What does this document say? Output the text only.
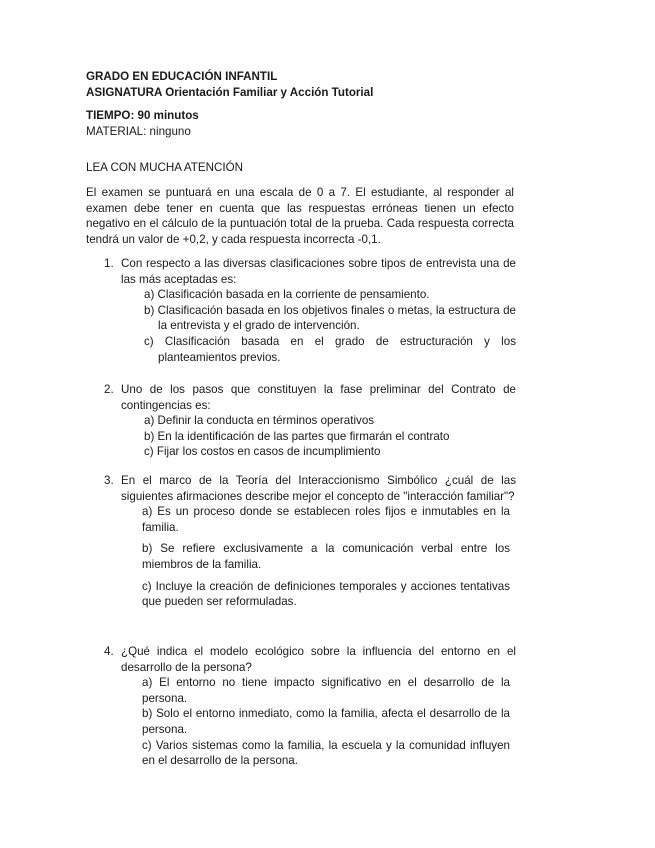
GRADO EN EDUCACIÓN INFANTIL
ASIGNATURA Orientación Familiar y Acción Tutorial
TIEMPO: 90 minutos
MATERIAL: ninguno
LEA CON MUCHA ATENCIÓN
El examen se puntuará en una escala de 0 a 7. El estudiante, al responder al examen debe tener en cuenta que las respuestas erróneas tienen un efecto negativo en el cálculo de la puntuación total de la prueba. Cada respuesta correcta tendrá un valor de +0,2, y cada respuesta incorrecta -0,1.
1. Con respecto a las diversas clasificaciones sobre tipos de entrevista una de las más aceptadas es:
a) Clasificación basada en la corriente de pensamiento.
b) Clasificación basada en los objetivos finales o metas, la estructura de la entrevista y el grado de intervención.
c) Clasificación basada en el grado de estructuración y los planteamientos previos.
2. Uno de los pasos que constituyen la fase preliminar del Contrato de contingencias es:
a) Definir la conducta en términos operativos
b) En la identificación de las partes que firmarán el contrato
c) Fijar los costos en casos de incumplimiento
3. En el marco de la Teoría del Interaccionismo Simbólico ¿cuál de las siguientes afirmaciones describe mejor el concepto de "interacción familiar"?
a) Es un proceso donde se establecen roles fijos e inmutables en la familia.
b) Se refiere exclusivamente a la comunicación verbal entre los miembros de la familia.
c) Incluye la creación de definiciones temporales y acciones tentativas que pueden ser reformuladas.
4. ¿Qué indica el modelo ecológico sobre la influencia del entorno en el desarrollo de la persona?
a) El entorno no tiene impacto significativo en el desarrollo de la persona.
b) Solo el entorno inmediato, como la familia, afecta el desarrollo de la persona.
c) Varios sistemas como la familia, la escuela y la comunidad influyen en el desarrollo de la persona.
